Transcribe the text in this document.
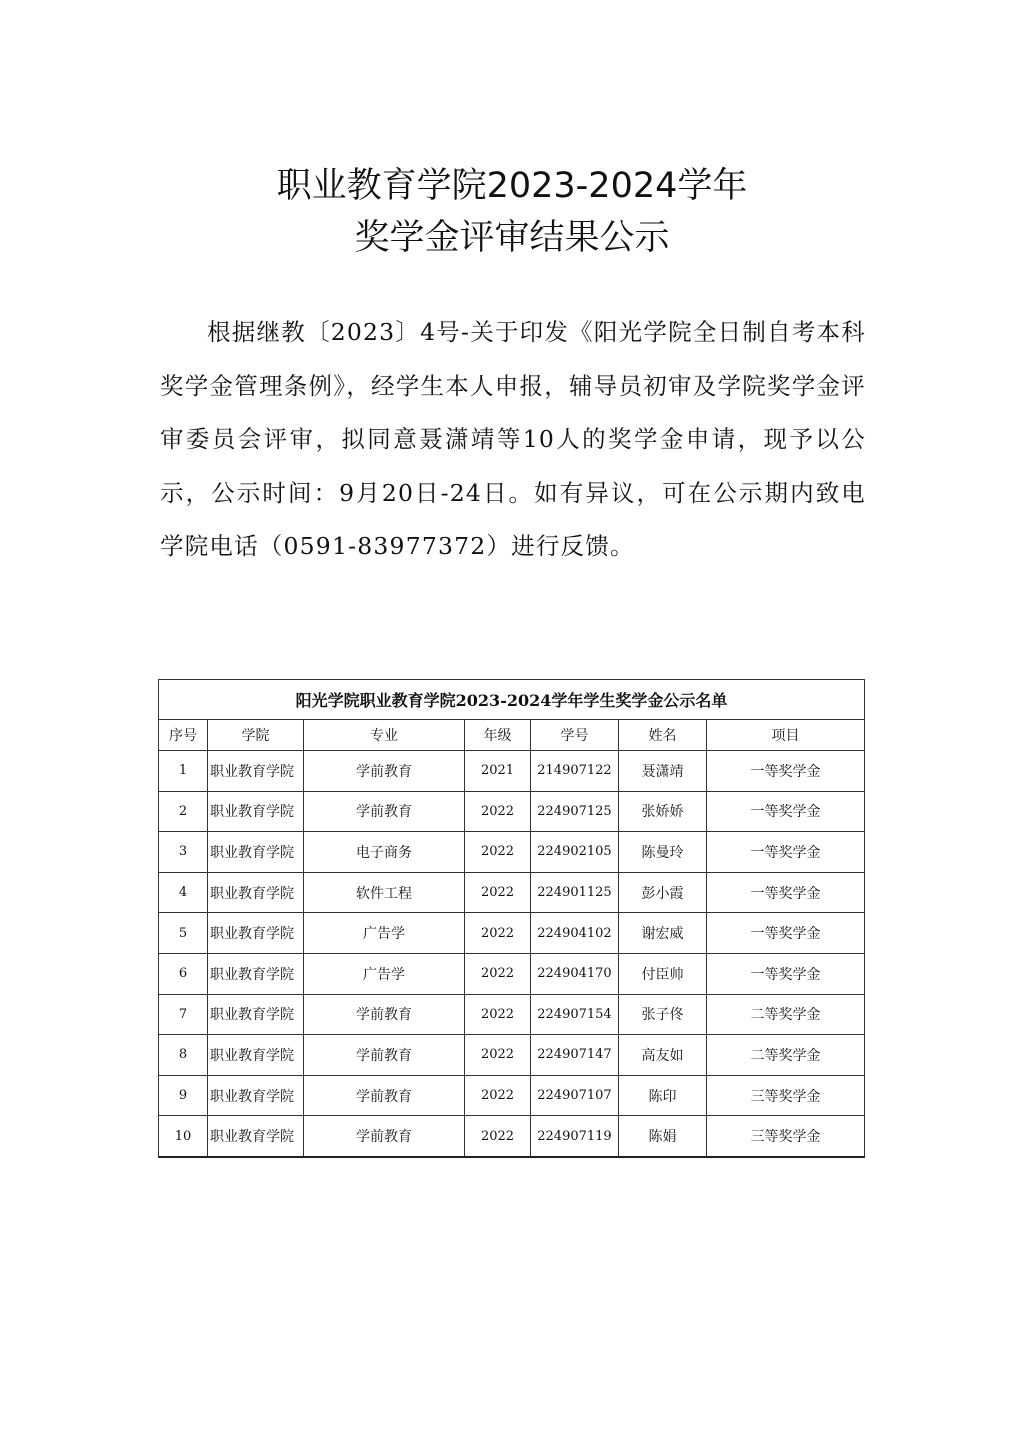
职业教育学院2023-2024学年
奖学金评审结果公示

根据继教〔2023〕4号-关于印发《阳光学院全日制自考本科奖学金管理条例》，经学生本人申报，辅导员初审及学院奖学金评审委员会评审，拟同意聂潇靖等10人的奖学金申请，现予以公示，公示时间：9月20日-24日。如有异议，可在公示期内致电学院电话（0591-83977372）进行反馈。

阳光学院职业教育学院2023-2024学年学生奖学金公示名单						
序号	学院	专业	年级	学号	姓名	项目
1	职业教育学院	学前教育	2021	214907122	聂潇靖	一等奖学金
2	职业教育学院	学前教育	2022	224907125	张娇娇	一等奖学金
3	职业教育学院	电子商务	2022	224902105	陈曼玲	一等奖学金
4	职业教育学院	软件工程	2022	224901125	彭小霞	一等奖学金
5	职业教育学院	广告学	2022	224904102	谢宏威	一等奖学金
6	职业教育学院	广告学	2022	224904170	付臣帅	一等奖学金
7	职业教育学院	学前教育	2022	224907154	张子佟	二等奖学金
8	职业教育学院	学前教育	2022	224907147	高友如	二等奖学金
9	职业教育学院	学前教育	2022	224907107	陈印	三等奖学金
10	职业教育学院	学前教育	2022	224907119	陈娟	三等奖学金
